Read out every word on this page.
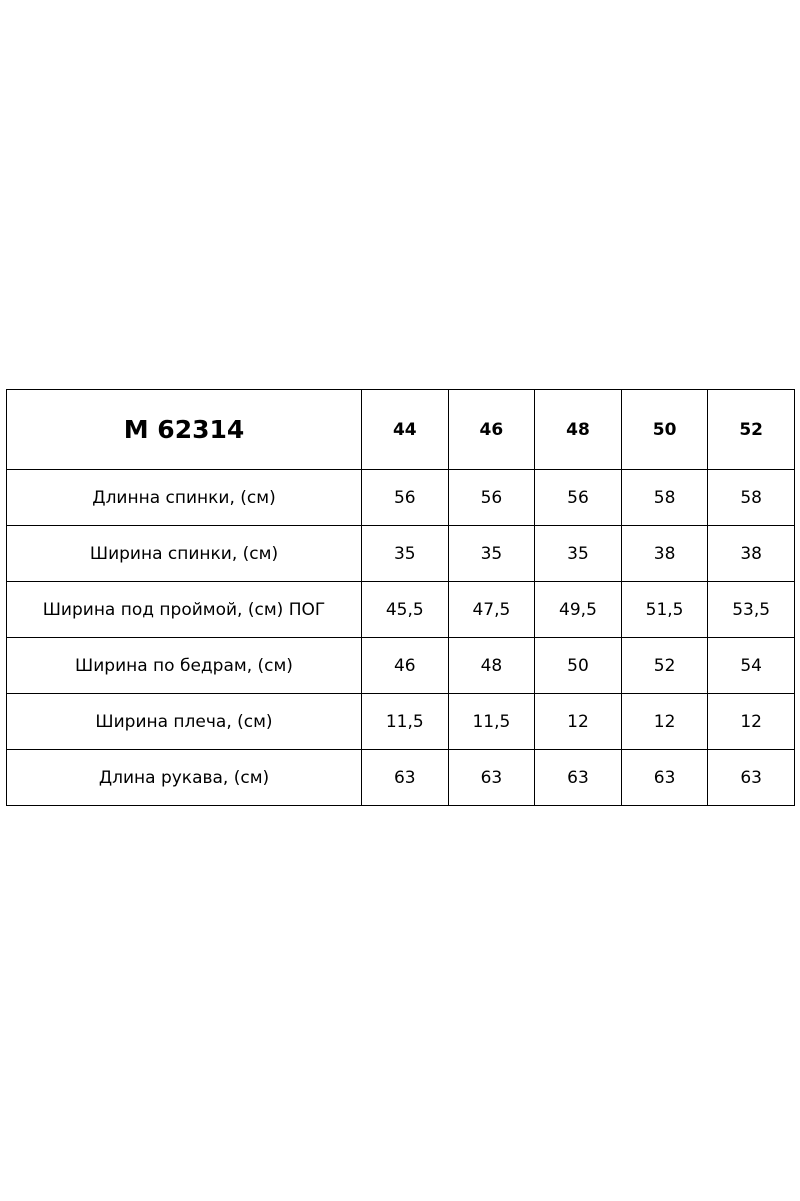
М 62314	44	46	48	50	52
Длинна спинки, (см)	56	56	56	58	58
Ширина спинки, (см)	35	35	35	38	38
Ширина под проймой, (см) ПОГ	45,5	47,5	49,5	51,5	53,5
Ширина по бедрам, (см)	46	48	50	52	54
Ширина плеча, (см)	11,5	11,5	12	12	12
Длина рукава, (см)	63	63	63	63	63
